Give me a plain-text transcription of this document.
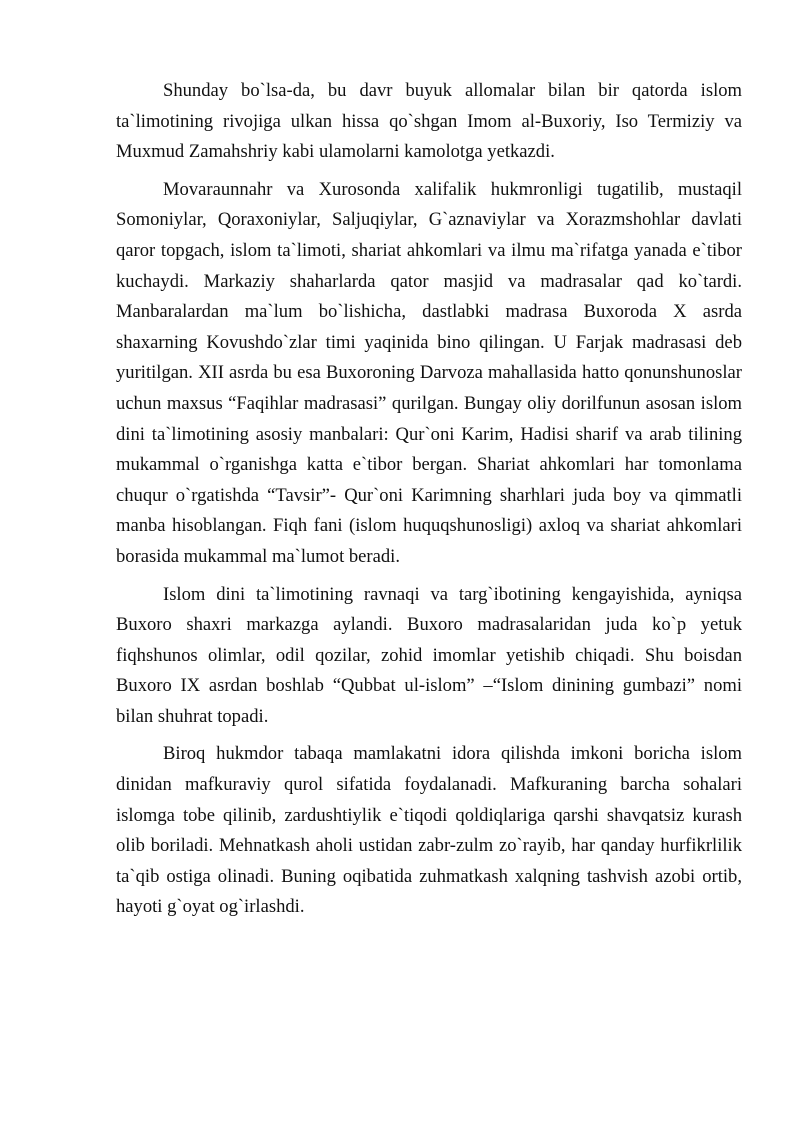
Shunday bo`lsa-da, bu davr buyuk allomalar bilan bir qatorda islom ta`limotining rivojiga ulkan hissa qo`shgan Imom al-Buxoriy, Iso Termiziy va Muxmud Zamahshriy kabi ulamolarni kamolotga yetkazdi.

Movaraunnahr va Xurosonda xalifalik hukmronligi tugatilib, mustaqil Somoniylar, Qoraxoniylar, Saljuqiylar, G`aznaviylar va Xorazmshohlar davlati qaror topgach, islom ta`limoti, shariat ahkomlari va ilmu ma`rifatga yanada e`tibor kuchaydi. Markaziy shaharlarda qator masjid va madrasalar qad ko`tardi. Manbaralardan ma`lum bo`lishicha, dastlabki madrasa Buxoroda X asrda shaxarning Kovushdo`zlar timi yaqinida bino qilingan. U Farjak madrasasi deb yuritilgan. XII asrda bu esa Buxoroning Darvoza mahallasida hatto qonunshunoslar uchun maxsus “Faqihlar madrasasi” qurilgan. Bungay oliy dorilfunun asosan islom dini ta`limotining asosiy manbalari: Qur`oni Karim, Hadisi sharif va arab tilining mukammal o`rganishga katta e`tibor bergan. Shariat ahkomlari har tomonlama chuqur o`rgatishda “Tavsir”- Qur`oni Karimning sharhlari juda boy va qimmatli manba hisoblangan. Fiqh fani (islom huquqshunosligi) axloq va shariat ahkomlari borasida mukammal ma`lumot beradi.

Islom dini ta`limotining ravnaqi va targ`ibotining kengayishida, ayniqsa Buxoro shaxri markazga aylandi. Buxoro madrasalaridan juda ko`p yetuk fiqhshunos olimlar, odil qozilar, zohid imomlar yetishib chiqadi. Shu boisdan Buxoro IX asrdan boshlab “Qubbat ul-islom” –“Islom dinining gumbazi” nomi bilan shuhrat topadi.

Biroq hukmdor tabaqa mamlakatni idora qilishda imkoni boricha islom dinidan mafkuraviy qurol sifatida foydalanadi. Mafkuraning barcha sohalari islomga tobe qilinib, zardushtiylik e`tiqodi qoldiqlariga qarshi shavqatsiz kurash olib boriladi. Mehnatkash aholi ustidan zabr-zulm zo`rayib, har qanday hurfikrlilik ta`qib ostiga olinadi. Buning oqibatida zuhmatkash xalqning tashvish azobi ortib, hayoti g`oyat og`irlashdi.
